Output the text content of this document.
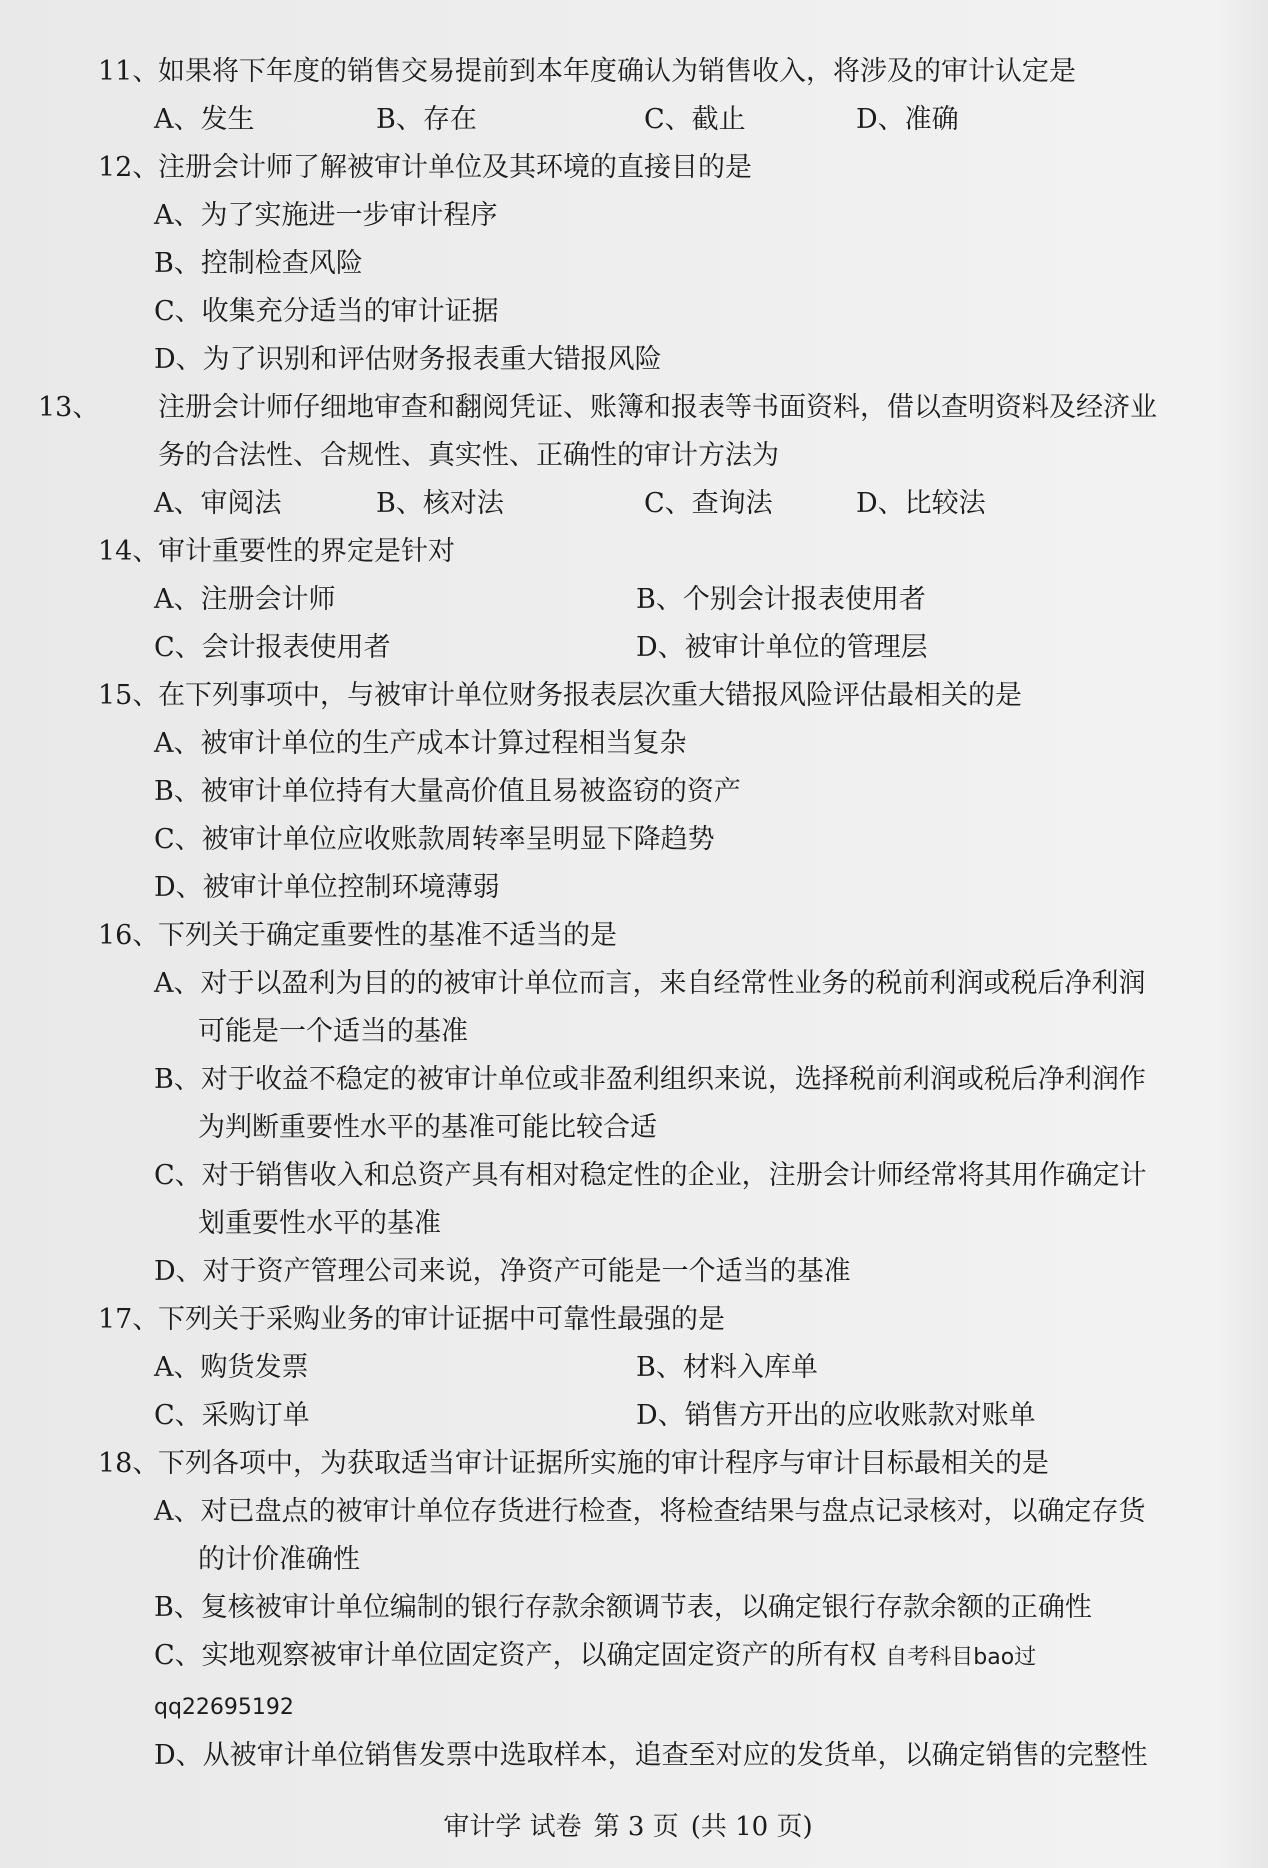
11、如果将下年度的销售交易提前到本年度确认为销售收入，将涉及的审计认定是
A、发生	B、存在	C、截止	D、准确
12、注册会计师了解被审计单位及其环境的直接目的是
A、为了实施进一步审计程序
B、控制检查风险
C、收集充分适当的审计证据
D、为了识别和评估财务报表重大错报风险
13、 注册会计师仔细地审查和翻阅凭证、账簿和报表等书面资料，借以查明资料及经济业务的合法性、合规性、真实性、正确性的审计方法为
A、审阅法	B、核对法	C、查询法	D、比较法
14、审计重要性的界定是针对
A、注册会计师	B、个别会计报表使用者
C、会计报表使用者	D、被审计单位的管理层
15、在下列事项中，与被审计单位财务报表层次重大错报风险评估最相关的是
A、被审计单位的生产成本计算过程相当复杂
B、被审计单位持有大量高价值且易被盗窃的资产
C、被审计单位应收账款周转率呈明显下降趋势
D、被审计单位控制环境薄弱
16、下列关于确定重要性的基准不适当的是
A、对于以盈利为目的的被审计单位而言，来自经常性业务的税前利润或税后净利润可能是一个适当的基准
B、对于收益不稳定的被审计单位或非盈利组织来说，选择税前利润或税后净利润作为判断重要性水平的基准可能比较合适
C、对于销售收入和总资产具有相对稳定性的企业，注册会计师经常将其用作确定计划重要性水平的基准
D、对于资产管理公司来说，净资产可能是一个适当的基准
17、下列关于采购业务的审计证据中可靠性最强的是
A、购货发票	B、材料入库单
C、采购订单	D、销售方开出的应收账款对账单
18、下列各项中，为获取适当审计证据所实施的审计程序与审计目标最相关的是
A、对已盘点的被审计单位存货进行检查，将检查结果与盘点记录核对，以确定存货的计价准确性
B、复核被审计单位编制的银行存款余额调节表，以确定银行存款余额的正确性
C、实地观察被审计单位固定资产，以确定固定资产的所有权 自考科目bao过qq22695192
D、从被审计单位销售发票中选取样本，追查至对应的发货单，以确定销售的完整性
审计学 试卷 第 3 页 (共 10 页)
